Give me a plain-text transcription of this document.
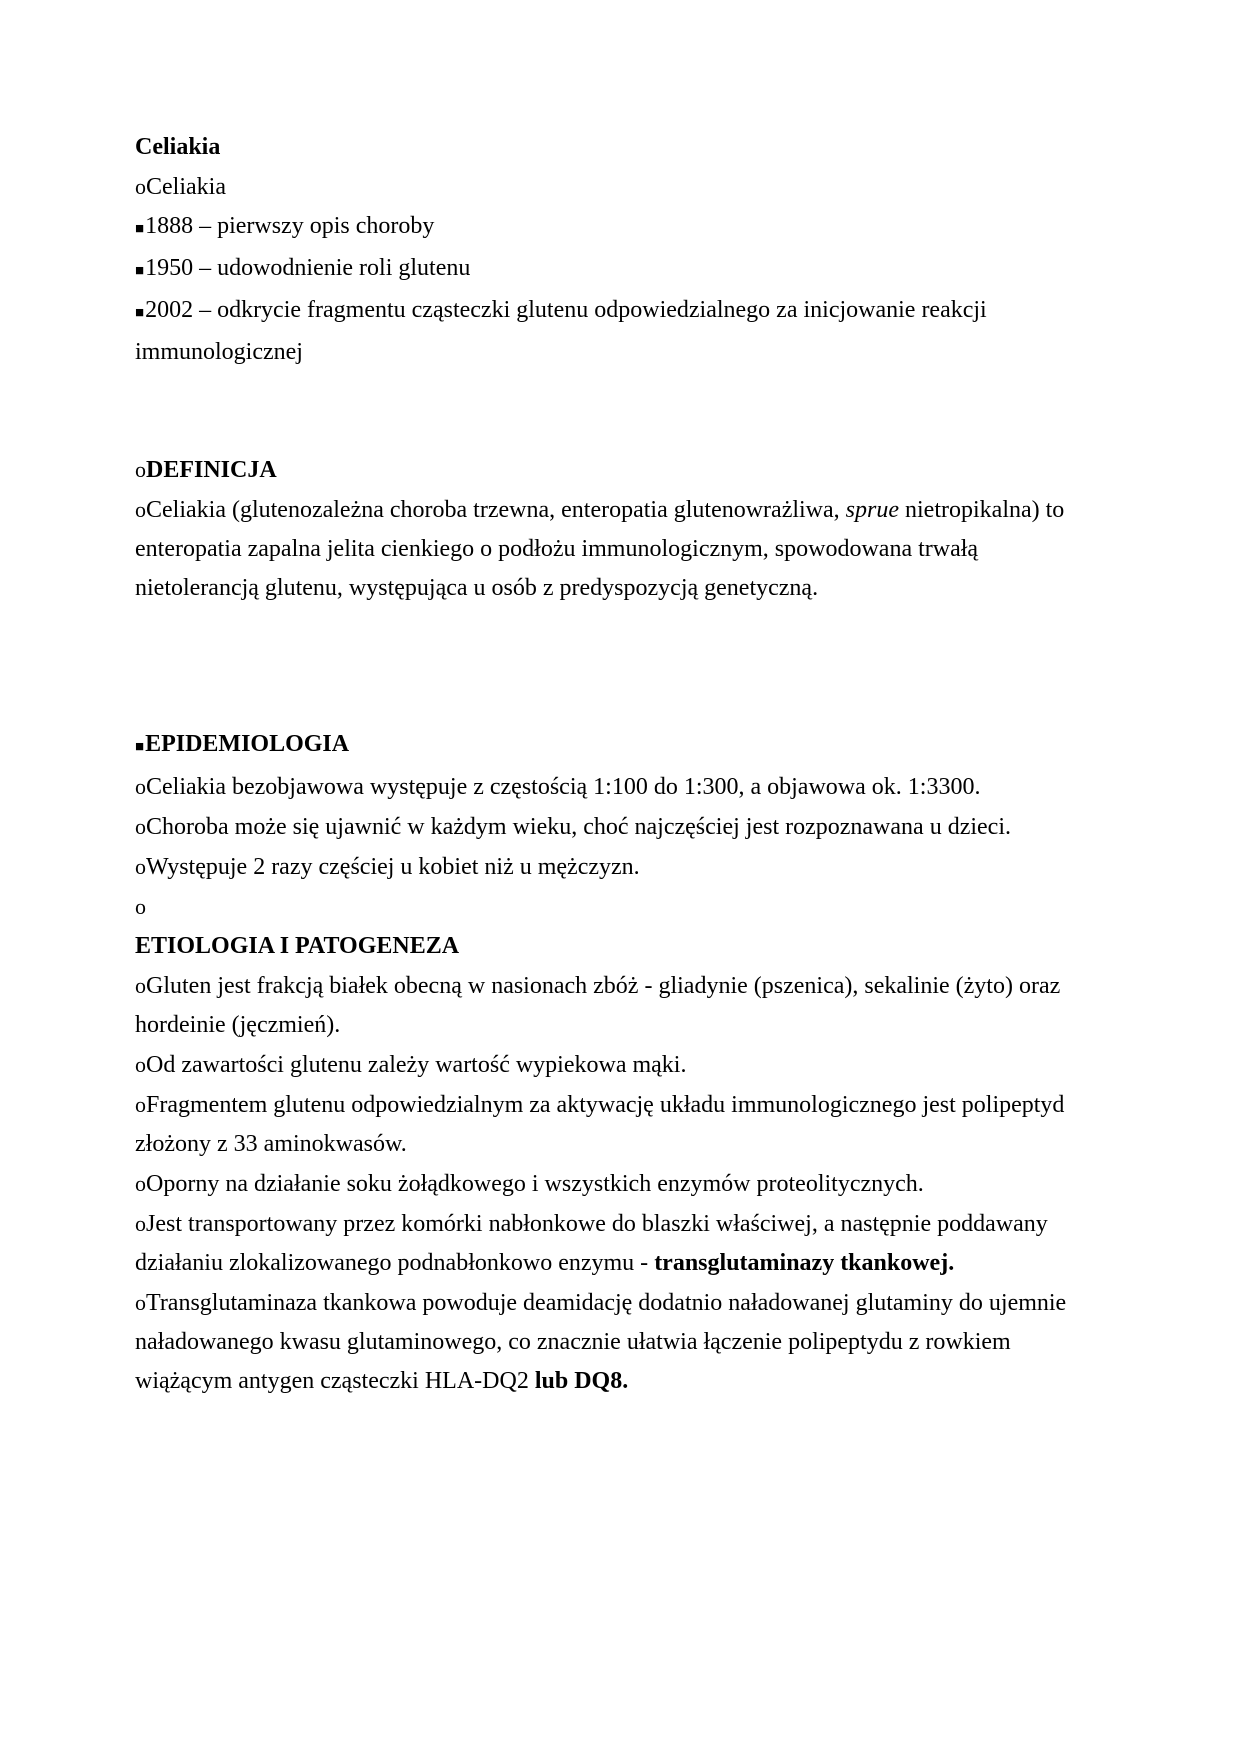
Celiakia

oCeliakia

■1888 – pierwszy opis choroby

■1950 – udowodnienie roli glutenu

■2002 – odkrycie fragmentu cząsteczki glutenu odpowiedzialnego za inicjowanie reakcji immunologicznej

oDEFINICJA

oCeliakia (glutenozależna choroba trzewna, enteropatia glutenowrażliwa, sprue nietropikalna) to enteropatia zapalna jelita cienkiego o podłożu immunologicznym, spowodowana trwałą nietolerancją glutenu, występująca u osób z predyspozycją genetyczną.

■EPIDEMIOLOGIA

oCeliakia bezobjawowa występuje z częstością 1:100 do 1:300, a objawowa ok. 1:3300.

oChoroba może się ujawnić w każdym wieku, choć najczęściej jest rozpoznawana u dzieci.

oWystępuje 2 razy częściej u kobiet niż u mężczyzn.

o

ETIOLOGIA I PATOGENEZA

oGluten jest frakcją białek obecną w nasionach zbóż - gliadynie (pszenica), sekalinie (żyto) oraz hordeinie (jęczmień).

oOd zawartości glutenu zależy wartość wypiekowa mąki.

oFragmentem glutenu odpowiedzialnym za aktywację układu immunologicznego jest polipeptyd złożony z 33 aminokwasów.

oOporny na działanie soku żołądkowego i wszystkich enzymów proteolitycznych.

oJest transportowany przez komórki nabłonkowe do blaszki właściwej, a następnie poddawany działaniu zlokalizowanego podnabłonkowo enzymu - transglutaminazy tkankowej.

oTransglutaminaza tkankowa powoduje deamidację dodatnio naładowanej glutaminy do ujemnie naładowanego kwasu glutaminowego, co znacznie ułatwia łączenie polipeptydu z rowkiem wiążącym antygen cząsteczki HLA-DQ2 lub DQ8.
